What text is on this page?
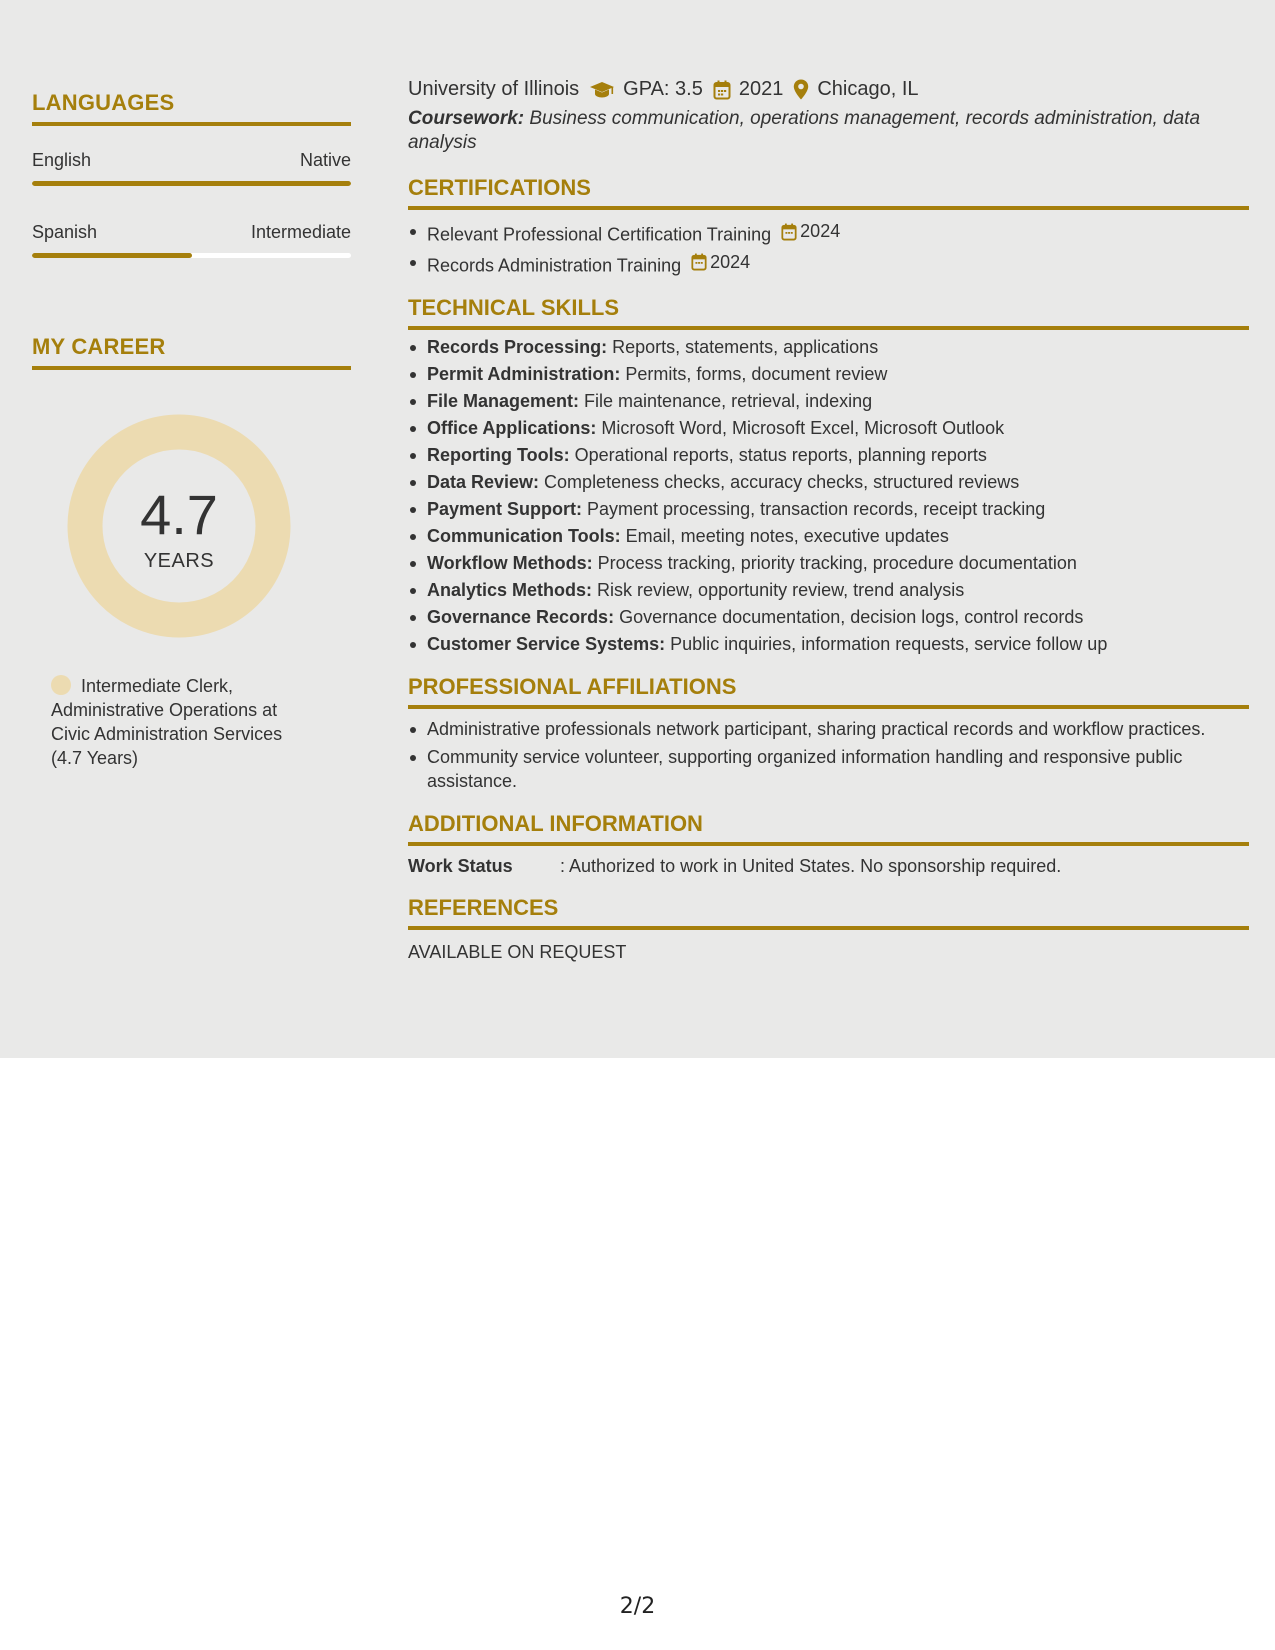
LANGUAGES
English	Native
Spanish	Intermediate
MY CAREER
4.7
YEARS
Intermediate Clerk, Administrative Operations at Civic Administration Services (4.7 Years)
University of Illinois GPA: 3.5 2021 Chicago, IL
Coursework: Business communication, operations management, records administration, data analysis
CERTIFICATIONS
Relevant Professional Certification Training 2024
Records Administration Training 2024
TECHNICAL SKILLS
Records Processing: Reports, statements, applications
Permit Administration: Permits, forms, document review
File Management: File maintenance, retrieval, indexing
Office Applications: Microsoft Word, Microsoft Excel, Microsoft Outlook
Reporting Tools: Operational reports, status reports, planning reports
Data Review: Completeness checks, accuracy checks, structured reviews
Payment Support: Payment processing, transaction records, receipt tracking
Communication Tools: Email, meeting notes, executive updates
Workflow Methods: Process tracking, priority tracking, procedure documentation
Analytics Methods: Risk review, opportunity review, trend analysis
Governance Records: Governance documentation, decision logs, control records
Customer Service Systems: Public inquiries, information requests, service follow up
PROFESSIONAL AFFILIATIONS
Administrative professionals network participant, sharing practical records and workflow practices.
Community service volunteer, supporting organized information handling and responsive public assistance.
ADDITIONAL INFORMATION
Work Status	: Authorized to work in United States. No sponsorship required.
REFERENCES
AVAILABLE ON REQUEST
2/2
